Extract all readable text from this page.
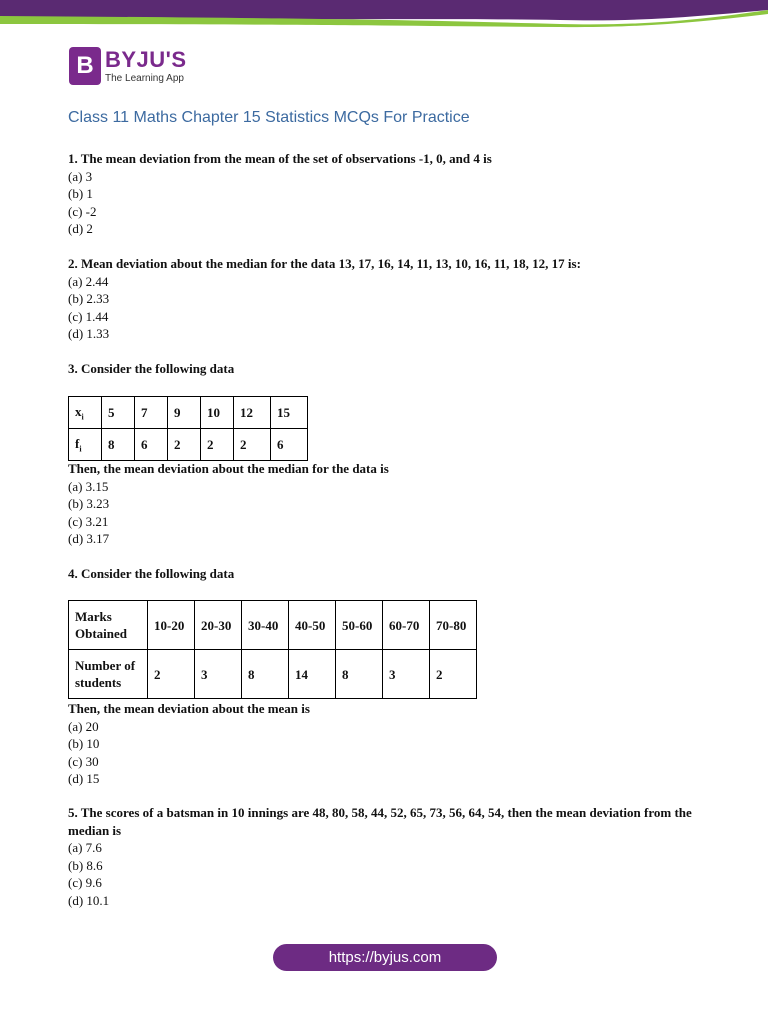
B BYJU'S
The Learning App
Class 11 Maths Chapter 15 Statistics MCQs For Practice
1. The mean deviation from the mean of the set of observations -1, 0, and 4 is
(a) 3
(b) 1
(c) -2
(d) 2
2. Mean deviation about the median for the data 13, 17, 16, 14, 11, 13, 10, 16, 11, 18, 12, 17 is:
(a) 2.44
(b) 2.33
(c) 1.44
(d) 1.33
3. Consider the following data
$x_i$	5	7	9	10	12	15
$f_i$	8	6	2	2	2	6
Then, the mean deviation about the median for the data is
(a) 3.15
(b) 3.23
(c) 3.21
(d) 3.17
4. Consider the following data
Marks
Obtained	10-20	20-30	30-40	40-50	50-60	60-70	70-80
Number of
students	2	3	8	14	8	3	2
Then, the mean deviation about the mean is
(a) 20
(b) 10
(c) 30
(d) 15
5. The scores of a batsman in 10 innings are 48, 80, 58, 44, 52, 65, 73, 56, 64, 54, then the mean deviation from the median is
(a) 7.6
(b) 8.6
(c) 9.6
(d) 10.1
https://byjus.com
